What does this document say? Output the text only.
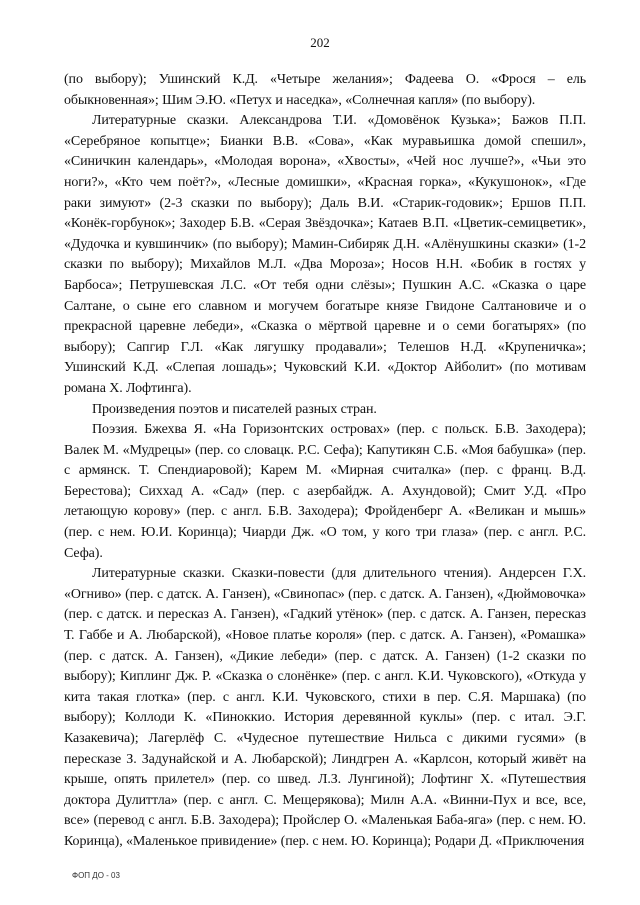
202

(по выбору); Ушинский К.Д. «Четыре желания»; Фадеева О. «Фрося – ель обыкновенная»; Шим Э.Ю. «Петух и наседка», «Солнечная капля» (по выбору).

Литературные сказки. Александрова Т.И. «Домовёнок Кузька»; Бажов П.П. «Серебряное копытце»; Бианки В.В. «Сова», «Как муравьишка домой спешил», «Синичкин календарь», «Молодая ворона», «Хвосты», «Чей нос лучше?», «Чьи это ноги?», «Кто чем поёт?», «Лесные домишки», «Красная горка», «Кукушонок», «Где раки зимуют» (2-3 сказки по выбору); Даль В.И. «Старик-годовик»; Ершов П.П. «Конёк-горбунок»; Заходер Б.В. «Серая Звёздочка»; Катаев В.П. «Цветик-семицветик», «Дудочка и кувшинчик» (по выбору); Мамин-Сибиряк Д.Н. «Алёнушкины сказки» (1-2 сказки по выбору); Михайлов М.Л. «Два Мороза»; Носов Н.Н. «Бобик в гостях у Барбоса»; Петрушевская Л.С. «От тебя одни слёзы»; Пушкин А.С. «Сказка о царе Салтане, о сыне его славном и могучем богатыре князе Гвидоне Салтановиче и о прекрасной царевне лебеди», «Сказка о мёртвой царевне и о семи богатырях» (по выбору); Сапгир Г.Л. «Как лягушку продавали»; Телешов Н.Д. «Крупеничка»; Ушинский К.Д. «Слепая лошадь»; Чуковский К.И. «Доктор Айболит» (по мотивам романа Х. Лофтинга).

Произведения поэтов и писателей разных стран.

Поэзия. Бжехва Я. «На Горизонтских островах» (пер. с польск. Б.В. Заходера); Валек М. «Мудрецы» (пер. со словацк. Р.С. Сефа); Капутикян С.Б. «Моя бабушка» (пер. с армянск. Т. Спендиаровой); Карем М. «Мирная считалка» (пер. с франц. В.Д. Берестова); Сиххад А. «Сад» (пер. с азербайдж. А. Ахундовой); Смит У.Д. «Про летающую корову» (пер. с англ. Б.В. Заходера); Фройденберг А. «Великан и мышь» (пер. с нем. Ю.И. Коринца); Чиарди Дж. «О том, у кого три глаза» (пер. с англ. Р.С. Сефа).

Литературные сказки. Сказки-повести (для длительного чтения). Андерсен Г.Х. «Огниво» (пер. с датск. А. Ганзен), «Свинопас» (пер. с датск. А. Ганзен), «Дюймовочка» (пер. с датск. и пересказ А. Ганзен), «Гадкий утёнок» (пер. с датск. А. Ганзен, пересказ Т. Габбе и А. Любарской), «Новое платье короля» (пер. с датск. А. Ганзен), «Ромашка» (пер. с датск. А. Ганзен), «Дикие лебеди» (пер. с датск. А. Ганзен) (1-2 сказки по выбору); Киплинг Дж. Р. «Сказка о слонёнке» (пер. с англ. К.И. Чуковского), «Откуда у кита такая глотка» (пер. с англ. К.И. Чуковского, стихи в пер. С.Я. Маршака) (по выбору); Коллоди К. «Пиноккио. История деревянной куклы» (пер. с итал. Э.Г. Казакевича); Лагерлёф С. «Чудесное путешествие Нильса с дикими гусями» (в пересказе З. Задунайской и А. Любарской); Линдгрен А. «Карлсон, который живёт на крыше, опять прилетел» (пер. со швед. Л.З. Лунгиной); Лофтинг Х. «Путешествия доктора Дулиттла» (пер. с англ. С. Мещерякова); Милн А.А. «Винни-Пух и все, все, все» (перевод с англ. Б.В. Заходера); Пройслер О. «Маленькая Баба-яга» (пер. с нем. Ю. Коринца), «Маленькое привидение» (пер. с нем. Ю. Коринца); Родари Д. «Приключения

ФОП ДО - 03
